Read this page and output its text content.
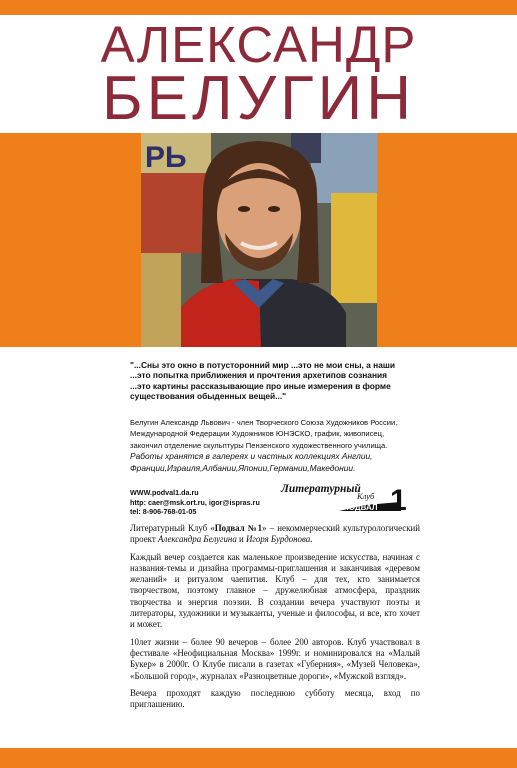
АЛЕКСАНДР
БЕЛУГИН
РЬ
"...Сны это окно в потусторонний мир ...это не мои сны, а наши
...это попытка приближения и прочтения архетипов сознания
...это картины рассказывающие про иные измерения в форме
существования обыденных вещей..."
Белугин Александр Львович - член Творческого Союза Художников России,
Международной Федерации Художников ЮНЭСКО, график, живописец,
закончил отделение скульптуры Пензенского художественного училища.
Работы хранятся в галереях и частных коллекциях Англии,
Франции,Израиля,Албании,Японии,Германии,Македонии.
WWW.podval1.da.ru
http: caer@msk.ort.ru, igor@ispras.ru
tel: 8-906-768-01-05
Литературный
Клуб
ПОДВАЛ 1

Литературный Клуб «Подвал №1» – некоммерческий культурологический проект Александра Белугина и Игоря Бурдонова.

Каждый вечер создается как маленькое произведение искусства, начиная с названия-темы и дизайна программы-приглашения и заканчивая «деревом желаний» и ритуалом чаепития. Клуб – для тех, кто занимается творчеством, поэтому главное – дружелюбная атмосфера, праздник творчества и энергия поэзии. В создании вечера участвуют поэты и литераторы, художники и музыканты, ученые и философы, и все, кто хочет и может.

10лет жизни – более 90 вечеров – более 200 авторов. Клуб участвовал в фестивале «Неофициальная Москва» 1999г. и номинировался на «Малый Букер» в 2000г. О Клубе писали в газетах «Губерния», «Музей Человека», «Большой город», журналах «Разноцветные дороги», «Мужской взгляд».

Вечера проходят каждую последнюю субботу месяца, вход по приглашению.
